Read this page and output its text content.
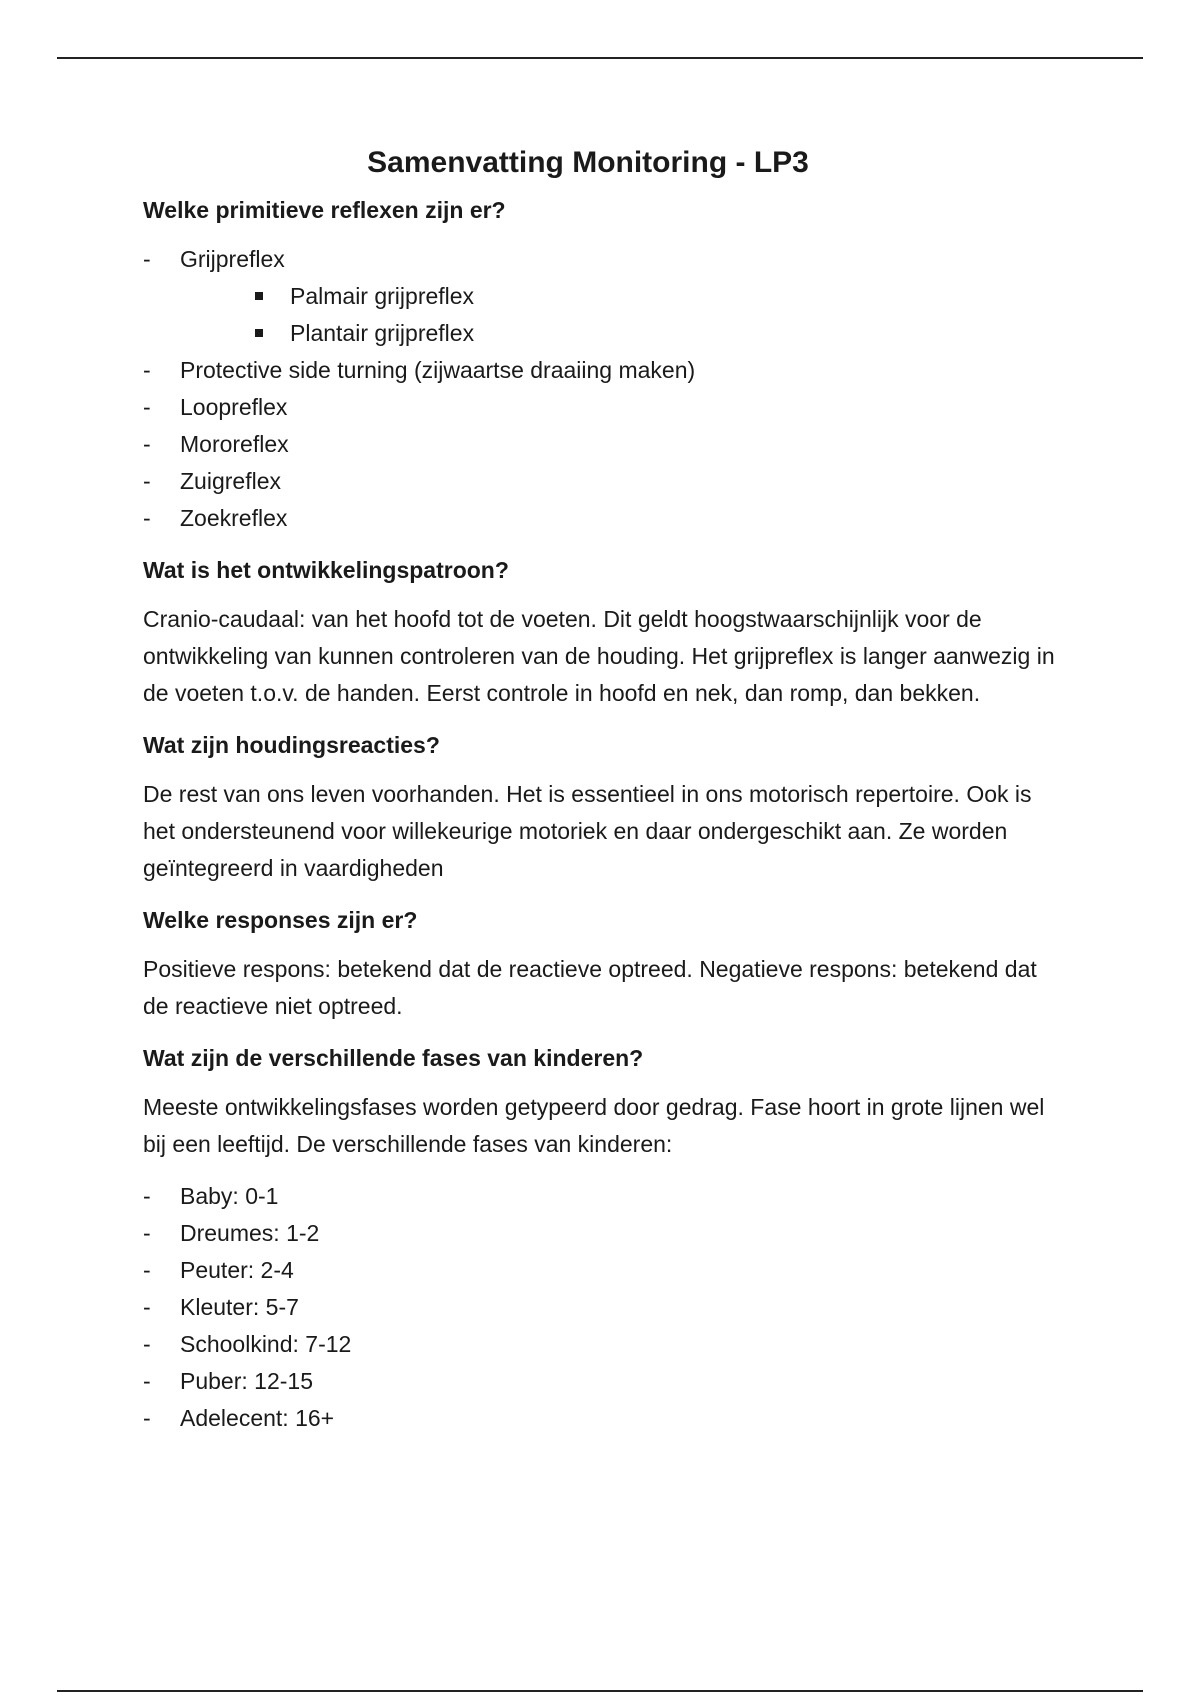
Samenvatting Monitoring - LP3
Welke primitieve reflexen zijn er?
- Grijpreflex
Palmair grijpreflex
Plantair grijpreflex
- Protective side turning (zijwaartse draaiing maken)
- Loopreflex
- Mororeflex
- Zuigreflex
- Zoekreflex
Wat is het ontwikkelingspatroon?
Cranio-caudaal: van het hoofd tot de voeten. Dit geldt hoogstwaarschijnlijk voor de ontwikkeling van kunnen controleren van de houding. Het grijpreflex is langer aanwezig in de voeten t.o.v. de handen. Eerst controle in hoofd en nek, dan romp, dan bekken.
Wat zijn houdingsreacties?
De rest van ons leven voorhanden. Het is essentieel in ons motorisch repertoire. Ook is het ondersteunend voor willekeurige motoriek en daar ondergeschikt aan. Ze worden geïntegreerd in vaardigheden
Welke responses zijn er?
Positieve respons: betekend dat de reactieve optreed. Negatieve respons: betekend dat de reactieve niet optreed.
Wat zijn de verschillende fases van kinderen?
Meeste ontwikkelingsfases worden getypeerd door gedrag. Fase hoort in grote lijnen wel bij een leeftijd. De verschillende fases van kinderen:
- Baby: 0-1
- Dreumes: 1-2
- Peuter: 2-4
- Kleuter: 5-7
- Schoolkind: 7-12
- Puber: 12-15
- Adelecent: 16+
